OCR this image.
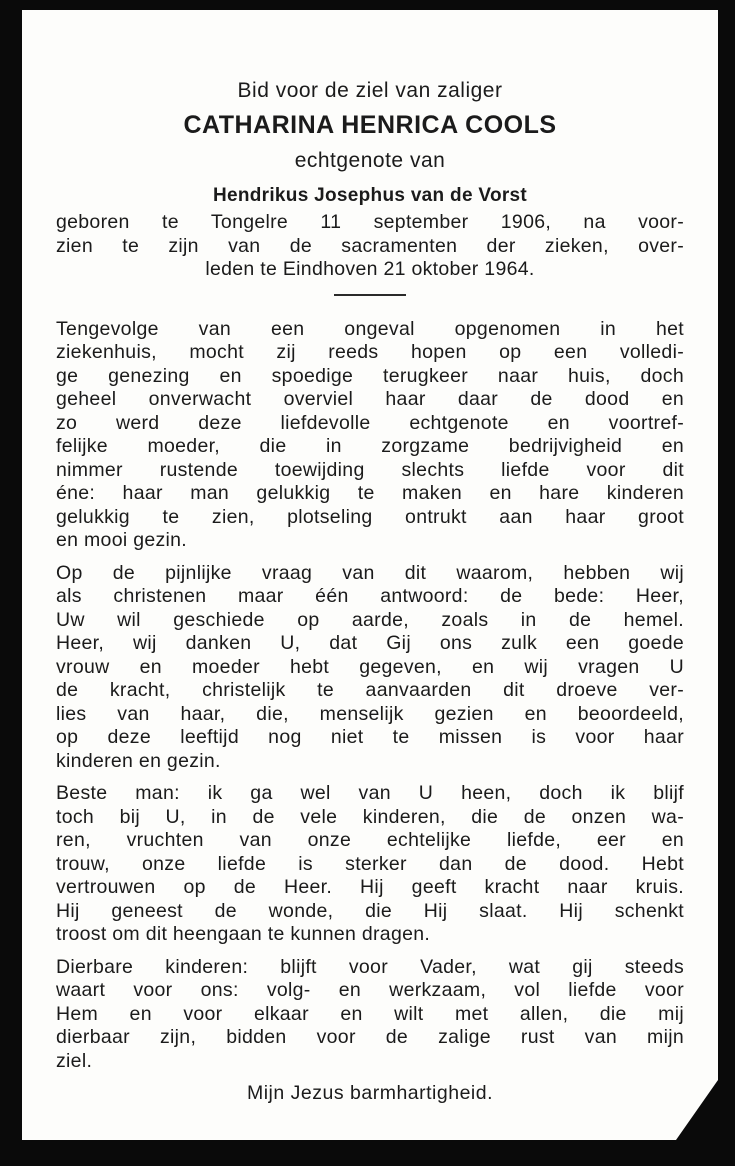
Bid voor de ziel van zaliger

CATHARINA HENRICA COOLS

echtgenote van

Hendrikus Josephus van de Vorst

geboren te Tongelre 11 september 1906, na voor-
zien te zijn van de sacramenten der zieken, over-
leden te Eindhoven 21 oktober 1964.
Tengevolge van een ongeval opgenomen in het
ziekenhuis, mocht zij reeds hopen op een volledi-
ge genezing en spoedige terugkeer naar huis, doch
geheel onverwacht overviel haar daar de dood en
zo werd deze liefdevolle echtgenote en voortref-
felijke moeder, die in zorgzame bedrijvigheid en
nimmer rustende toewijding slechts liefde voor dit
éne: haar man gelukkig te maken en hare kinderen
gelukkig te zien, plotseling ontrukt aan haar groot
en mooi gezin.
Op de pijnlijke vraag van dit waarom, hebben wij
als christenen maar één antwoord: de bede: Heer,
Uw wil geschiede op aarde, zoals in de hemel.
Heer, wij danken U, dat Gij ons zulk een goede
vrouw en moeder hebt gegeven, en wij vragen U
de kracht, christelijk te aanvaarden dit droeve ver-
lies van haar, die, menselijk gezien en beoordeeld,
op deze leeftijd nog niet te missen is voor haar
kinderen en gezin.
Beste man: ik ga wel van U heen, doch ik blijf
toch bij U, in de vele kinderen, die de onzen wa-
ren, vruchten van onze echtelijke liefde, eer en
trouw, onze liefde is sterker dan de dood. Hebt
vertrouwen op de Heer. Hij geeft kracht naar kruis.
Hij geneest de wonde, die Hij slaat. Hij schenkt
troost om dit heengaan te kunnen dragen.
Dierbare kinderen: blijft voor Vader, wat gij steeds
waart voor ons: volg- en werkzaam, vol liefde voor
Hem en voor elkaar en wilt met allen, die mij
dierbaar zijn, bidden voor de zalige rust van mijn
ziel.
Mijn Jezus barmhartigheid.
